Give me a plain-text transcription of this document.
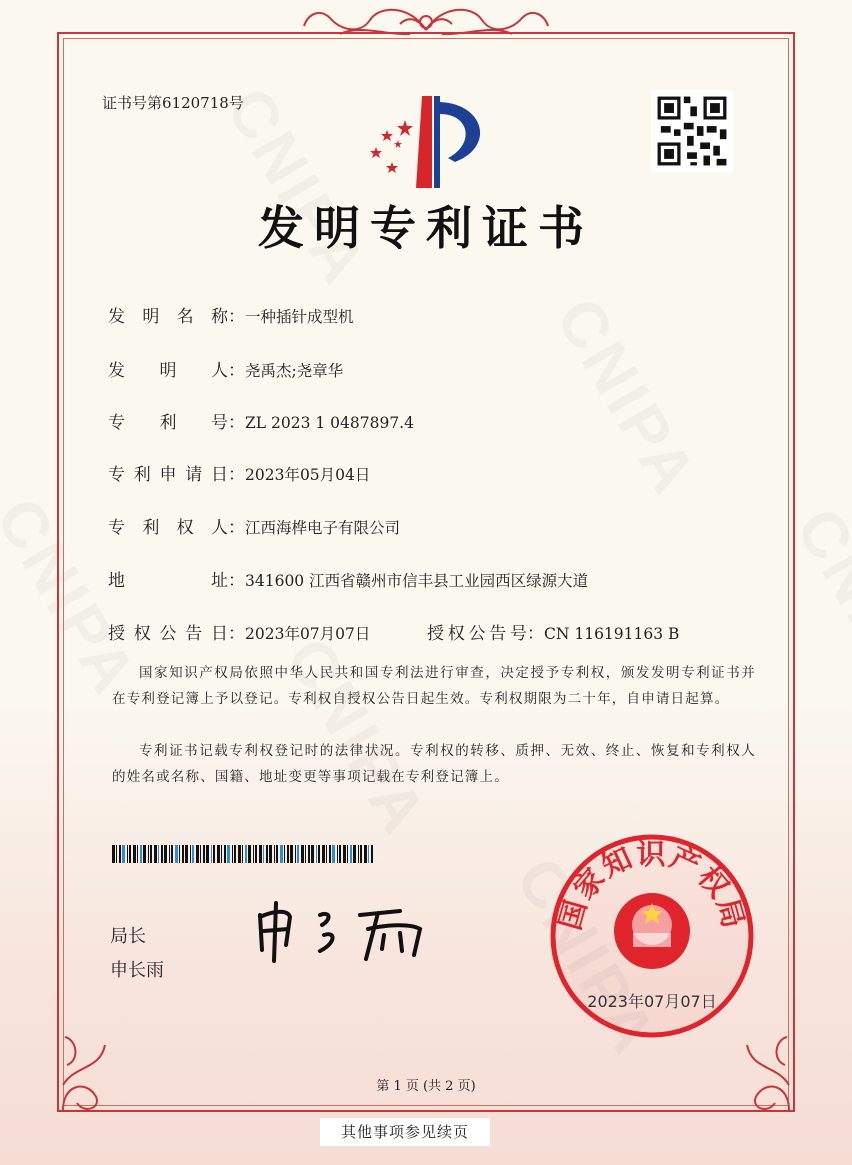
证书号第6120718号
发明专利证书
发明名称：一种插针成型机
发明人：尧禹杰;尧章华
专利号：ZL 2023 1 0487897.4
专利申请日：2023年05月04日
专利权人：江西海桦电子有限公司
地址：341600 江西省赣州市信丰县工业园西区绿源大道
授权公告日：2023年07月07日	授权公告号：CN 116191163 B
国家知识产权局依照中华人民共和国专利法进行审查，决定授予专利权，颁发发明专利证书并在专利登记簿上予以登记。专利权自授权公告日起生效。专利权期限为二十年，自申请日起算。
专利证书记载专利权登记时的法律状况。专利权的转移、质押、无效、终止、恢复和专利权人的姓名或名称、国籍、地址变更等事项记载在专利登记簿上。
局长
申长雨
国家知识产权局
2023年07月07日
第 1 页 (共 2 页)
其他事项参见续页
